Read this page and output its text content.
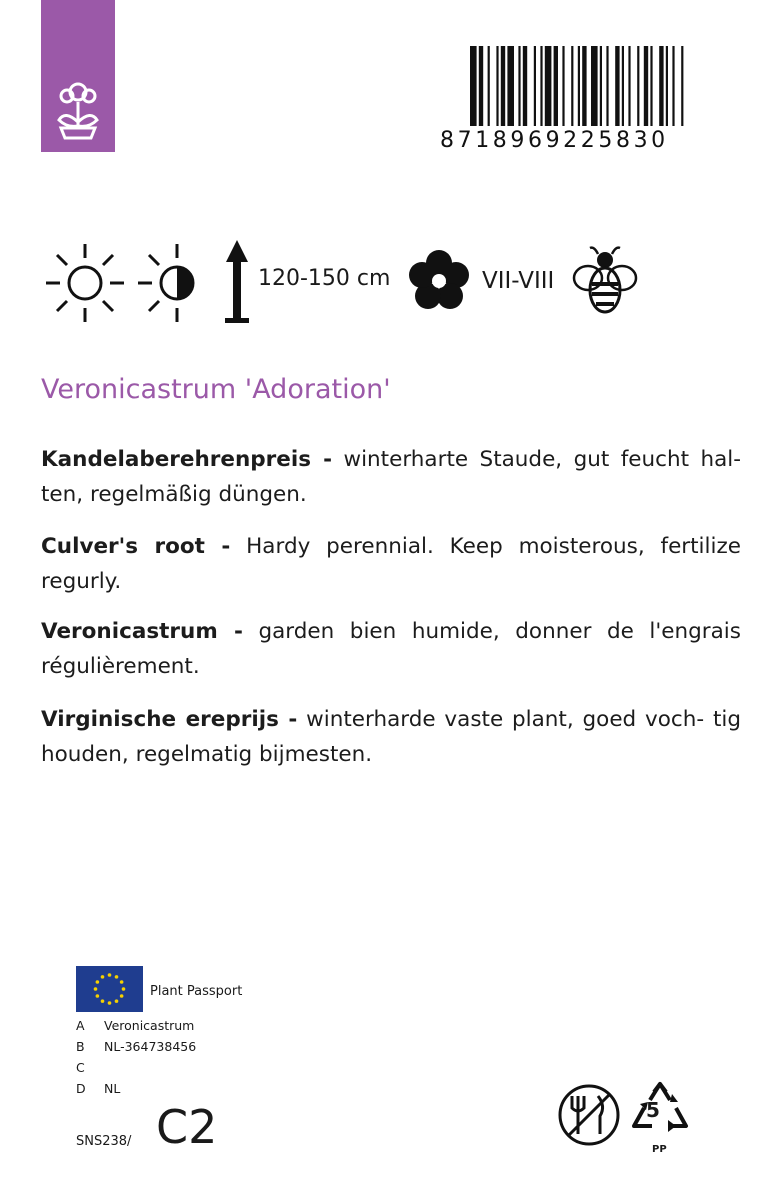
8718969225830
120-150 cm	VII-VIII
Veronicastrum 'Adoration'
Kandelaberehrenpreis - winterharte Staude, gut feucht hal- ten, regelmäßig düngen.
Culver's root - Hardy perennial. Keep moisterous, fertilize regurly.
Veronicastrum - garden bien humide, donner de l'engrais régulièrement.
Virginische ereprijs - winterharde vaste plant, goed voch- tig houden, regelmatig bijmesten.
Plant Passport
A Veronicastrum
B NL-364738456
C
D NL
SNS238/ C2	5
PP
